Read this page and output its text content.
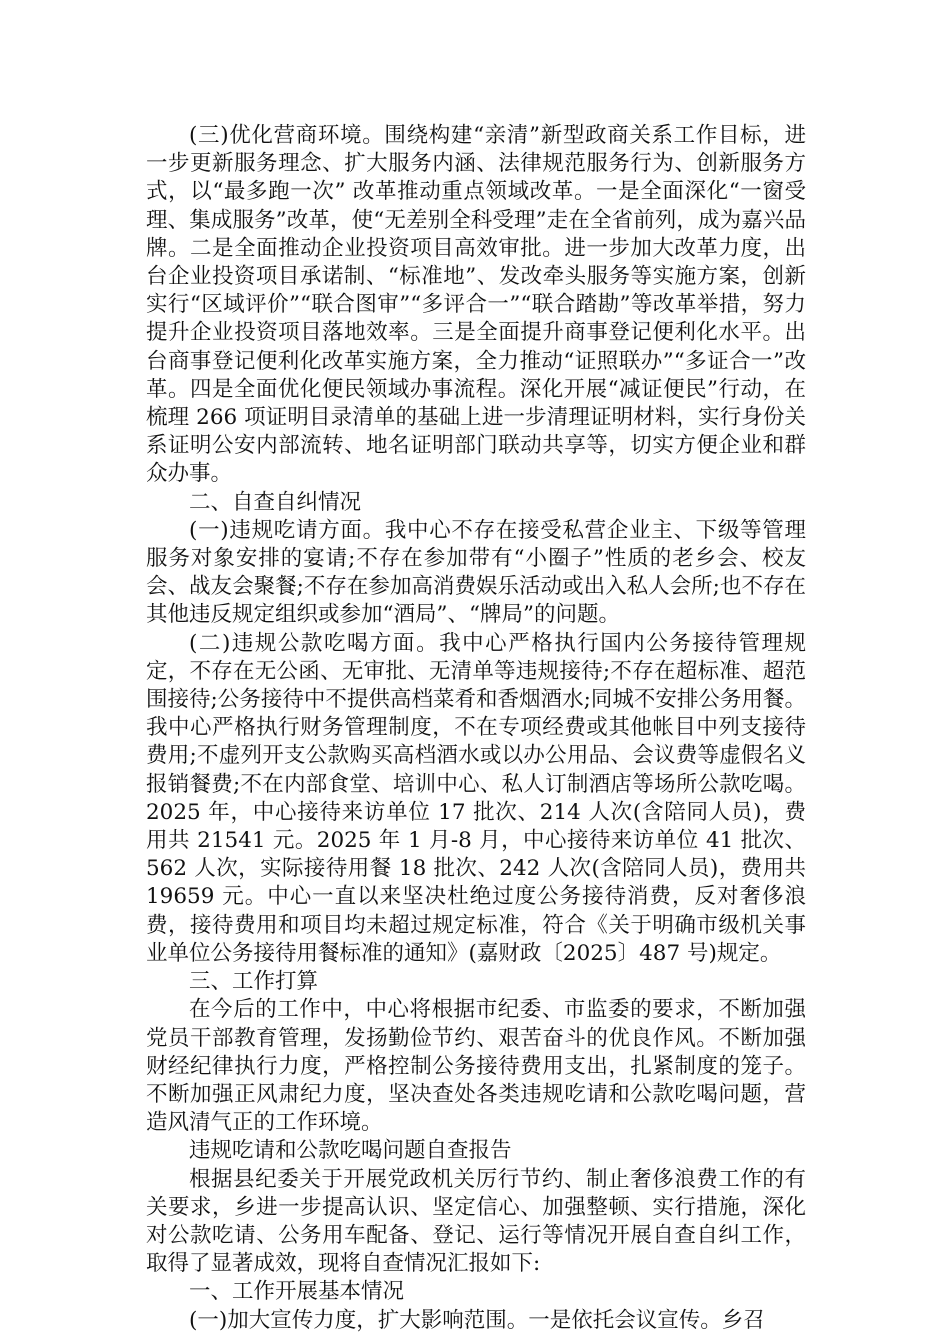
(三)优化营商环境。围绕构建“亲清”新型政商关系工作目标，进一步更新服务理念、扩大服务内涵、法律规范服务行为、创新服务方式，以“最多跑一次” 改革推动重点领域改革。一是全面深化“一窗受理、集成服务”改革，使“无差别全科受理”走在全省前列，成为嘉兴品牌。二是全面推动企业投资项目高效审批。进一步加大改革力度，出台企业投资项目承诺制、“标准地”、发改牵头服务等实施方案，创新实行“区域评价”“联合图审”“多评合一”“联合踏勘”等改革举措，努力提升企业投资项目落地效率。三是全面提升商事登记便利化水平。出台商事登记便利化改革实施方案，全力推动“证照联办”“多证合一”改革。四是全面优化便民领域办事流程。深化开展“减证便民”行动，在梳理 266 项证明目录清单的基础上进一步清理证明材料，实行身份关系证明公安内部流转、地名证明部门联动共享等，切实方便企业和群众办事。

二、自查自纠情况

(一)违规吃请方面。我中心不存在接受私营企业主、下级等管理服务对象安排的宴请;不存在参加带有“小圈子”性质的老乡会、校友会、战友会聚餐;不存在参加高消费娱乐活动或出入私人会所;也不存在其他违反规定组织或参加“酒局”、“牌局”的问题。

(二)违规公款吃喝方面。我中心严格执行国内公务接待管理规定，不存在无公函、无审批、无清单等违规接待;不存在超标准、超范围接待;公务接待中不提供高档菜肴和香烟酒水;同城不安排公务用餐。我中心严格执行财务管理制度，不在专项经费或其他帐目中列支接待费用;不虚列开支公款购买高档酒水或以办公用品、会议费等虚假名义报销餐费;不在内部食堂、培训中心、私人订制酒店等场所公款吃喝。2025 年，中心接待来访单位 17 批次、214 人次(含陪同人员)，费用共 21541 元。2025 年 1 月-8 月，中心接待来访单位 41 批次、562 人次，实际接待用餐 18 批次、242 人次(含陪同人员)，费用共 19659 元。中心一直以来坚决杜绝过度公务接待消费，反对奢侈浪费，接待费用和项目均未超过规定标准，符合《关于明确市级机关事业单位公务接待用餐标准的通知》(嘉财政〔2025〕487 号)规定。

三、工作打算

在今后的工作中，中心将根据市纪委、市监委的要求，不断加强党员干部教育管理，发扬勤俭节约、艰苦奋斗的优良作风。不断加强财经纪律执行力度，严格控制公务接待费用支出，扎紧制度的笼子。不断加强正风肃纪力度，坚决查处各类违规吃请和公款吃喝问题，营造风清气正的工作环境。

违规吃请和公款吃喝问题自查报告

根据县纪委关于开展党政机关厉行节约、制止奢侈浪费工作的有关要求，乡进一步提高认识、坚定信心、加强整顿、实行措施，深化对公款吃请、公务用车配备、登记、运行等情况开展自查自纠工作，取得了显著成效，现将自查情况汇报如下:

一、工作开展基本情况

(一)加大宣传力度，扩大影响范围。一是依托会议宣传。乡召
